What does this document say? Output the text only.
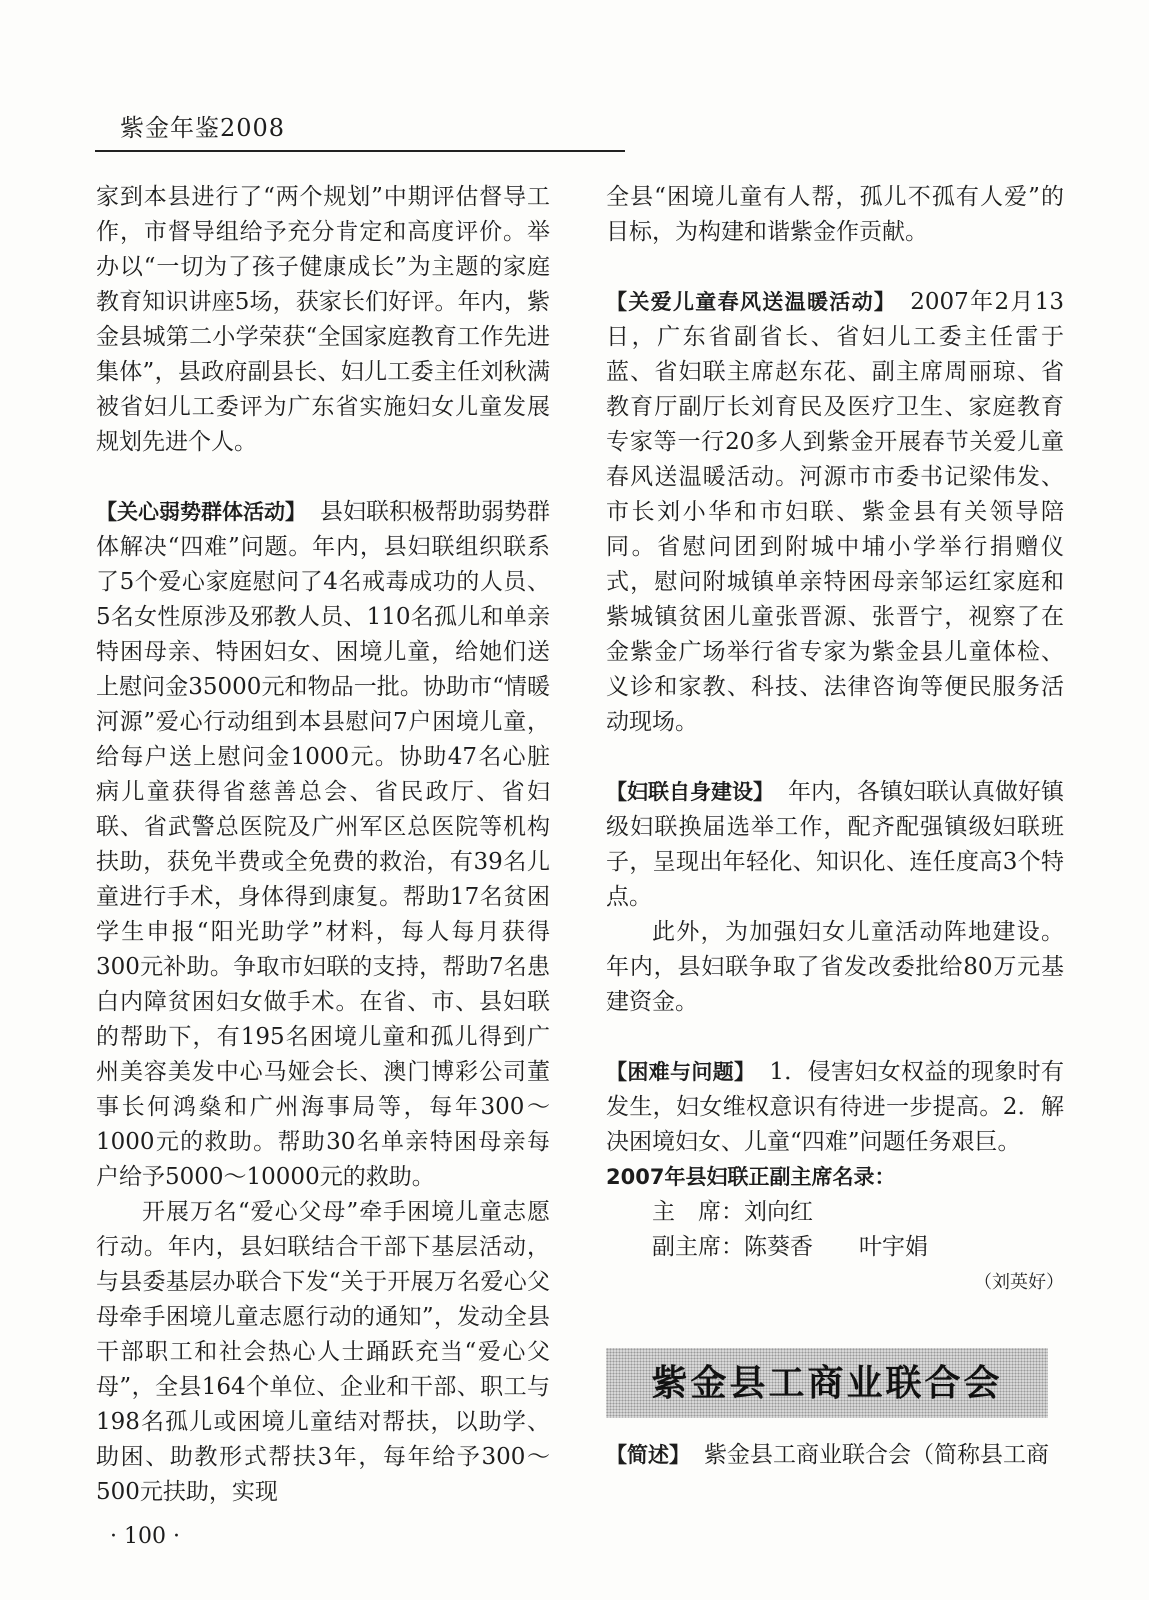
紫金年鉴2008

家到本县进行了“两个规划”中期评估督导工作，市督导组给予充分肯定和高度评价。举办以“一切为了孩子健康成长”为主题的家庭教育知识讲座5场，获家长们好评。年内，紫金县城第二小学荣获“全国家庭教育工作先进集体”，县政府副县长、妇儿工委主任刘秋满被省妇儿工委评为广东省实施妇女儿童发展规划先进个人。

【关心弱势群体活动】 县妇联积极帮助弱势群体解决“四难”问题。年内，县妇联组织联系了5个爱心家庭慰问了4名戒毒成功的人员、5名女性原涉及邪教人员、110名孤儿和单亲特困母亲、特困妇女、困境儿童，给她们送上慰问金35000元和物品一批。协助市“情暖河源”爱心行动组到本县慰问7户困境儿童，给每户送上慰问金1000元。协助47名心脏病儿童获得省慈善总会、省民政厅、省妇联、省武警总医院及广州军区总医院等机构扶助，获免半费或全免费的救治，有39名儿童进行手术，身体得到康复。帮助17名贫困学生申报“阳光助学”材料，每人每月获得300元补助。争取市妇联的支持，帮助7名患白内障贫困妇女做手术。在省、市、县妇联的帮助下，有195名困境儿童和孤儿得到广州美容美发中心马娅会长、澳门博彩公司董事长何鸿燊和广州海事局等，每年300～1000元的救助。帮助30名单亲特困母亲每户给予5000～10000元的救助。

开展万名“爱心父母”牵手困境儿童志愿行动。年内，县妇联结合干部下基层活动，与县委基层办联合下发“关于开展万名爱心父母牵手困境儿童志愿行动的通知”，发动全县干部职工和社会热心人士踊跃充当“爱心父母”，全县164个单位、企业和干部、职工与198名孤儿或困境儿童结对帮扶，以助学、助困、助教形式帮扶3年，每年给予300～500元扶助，实现

全县“困境儿童有人帮，孤儿不孤有人爱”的目标，为构建和谐紫金作贡献。

【关爱儿童春风送温暖活动】 2007年2月13日，广东省副省长、省妇儿工委主任雷于蓝、省妇联主席赵东花、副主席周丽琼、省教育厅副厅长刘育民及医疗卫生、家庭教育专家等一行20多人到紫金开展春节关爱儿童春风送温暖活动。河源市市委书记梁伟发、市长刘小华和市妇联、紫金县有关领导陪同。省慰问团到附城中埔小学举行捐赠仪式，慰问附城镇单亲特困母亲邹运红家庭和紫城镇贫困儿童张晋源、张晋宁，视察了在金紫金广场举行省专家为紫金县儿童体检、义诊和家教、科技、法律咨询等便民服务活动现场。

【妇联自身建设】 年内，各镇妇联认真做好镇级妇联换届选举工作，配齐配强镇级妇联班子，呈现出年轻化、知识化、连任度高3个特点。

此外，为加强妇女儿童活动阵地建设。年内，县妇联争取了省发改委批给80万元基建资金。

【困难与问题】 1．侵害妇女权益的现象时有发生，妇女维权意识有待进一步提高。2．解决困境妇女、儿童“四难”问题任务艰巨。

2007年县妇联正副主席名录：

主　席：刘向红

副主席：陈葵香　　叶宇娟

（刘英好）

紫金县工商业联合会

【简述】 紫金县工商业联合会（简称县工商

· 100 ·
